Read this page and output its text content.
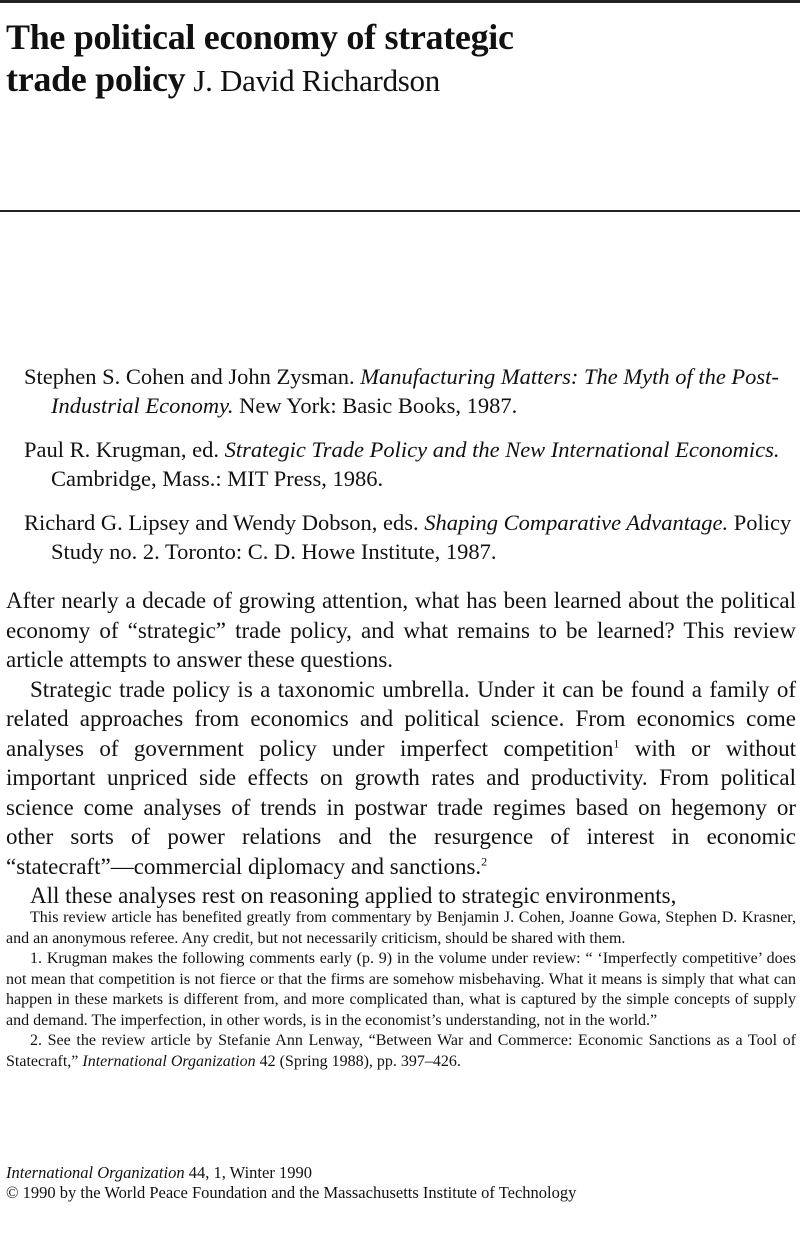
The political economy of strategic
trade policy J. David Richardson
Stephen S. Cohen and John Zysman. Manufacturing Matters: The Myth of the Post-Industrial Economy. New York: Basic Books, 1987.
Paul R. Krugman, ed. Strategic Trade Policy and the New International Economics. Cambridge, Mass.: MIT Press, 1986.
Richard G. Lipsey and Wendy Dobson, eds. Shaping Comparative Advantage. Policy Study no. 2. Toronto: C. D. Howe Institute, 1987.

After nearly a decade of growing attention, what has been learned about the political economy of “strategic” trade policy, and what remains to be learned? This review article attempts to answer these questions.

Strategic trade policy is a taxonomic umbrella. Under it can be found a family of related approaches from economics and political science. From economics come analyses of government policy under imperfect competition$^1$ with or without important unpriced side effects on growth rates and productivity. From political science come analyses of trends in postwar trade regimes based on hegemony or other sorts of power relations and the resurgence of interest in economic “statecraft”—commercial diplomacy and sanctions.$^2$

All these analyses rest on reasoning applied to strategic environments,

This review article has benefited greatly from commentary by Benjamin J. Cohen, Joanne Gowa, Stephen D. Krasner, and an anonymous referee. Any credit, but not necessarily criticism, should be shared with them.

1. Krugman makes the following comments early (p. 9) in the volume under review: “ ‘Imperfectly competitive’ does not mean that competition is not fierce or that the firms are somehow misbehaving. What it means is simply that what can happen in these markets is different from, and more complicated than, what is captured by the simple concepts of supply and demand. The imperfection, in other words, is in the economist’s understanding, not in the world.”

2. See the review article by Stefanie Ann Lenway, “Between War and Commerce: Economic Sanctions as a Tool of Statecraft,” International Organization 42 (Spring 1988), pp. 397–426.

International Organization 44, 1, Winter 1990
© 1990 by the World Peace Foundation and the Massachusetts Institute of Technology
